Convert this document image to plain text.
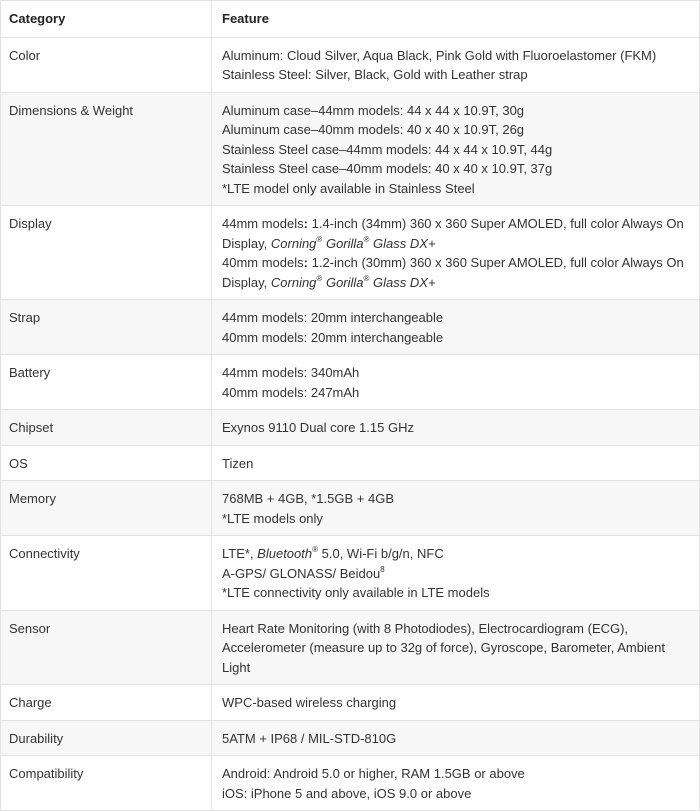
Category	Feature
Color	Aluminum: Cloud Silver, Aqua Black, Pink Gold with Fluoroelastomer (FKM)
Stainless Steel: Silver, Black, Gold with Leather strap

Dimensions & Weight	Aluminum case–44mm models: 44 x 44 x 10.9T, 30g
Aluminum case–40mm models: 40 x 40 x 10.9T, 26g
Stainless Steel case–44mm models: 44 x 44 x 10.9T, 44g
Stainless Steel case–40mm models: 40 x 40 x 10.9T, 37g
*LTE model only available in Stainless Steel

Display	44mm models: 1.4-inch (34mm) 360 x 360 Super AMOLED, full color Always On Display, Corning® Gorilla® Glass DX+
40mm models: 1.2-inch (30mm) 360 x 360 Super AMOLED, full color Always On Display, Corning® Gorilla® Glass DX+

Strap	44mm models: 20mm interchangeable
40mm models: 20mm interchangeable

Battery	44mm models: 340mAh
40mm models: 247mAh

Chipset	Exynos 9110 Dual core 1.15 GHz

OS	Tizen

Memory	768MB + 4GB, *1.5GB + 4GB
*LTE models only

Connectivity	LTE*, Bluetooth® 5.0, Wi-Fi b/g/n, NFC
A-GPS/ GLONASS/ Beidou$^8$
*LTE connectivity only available in LTE models

Sensor	Heart Rate Monitoring (with 8 Photodiodes), Electrocardiogram (ECG), Accelerometer (measure up to 32g of force), Gyroscope, Barometer, Ambient Light

Charge	WPC-based wireless charging

Durability	5ATM + IP68 / MIL-STD-810G

Compatibility	Android: Android 5.0 or higher, RAM 1.5GB or above
iOS: iPhone 5 and above, iOS 9.0 or above
